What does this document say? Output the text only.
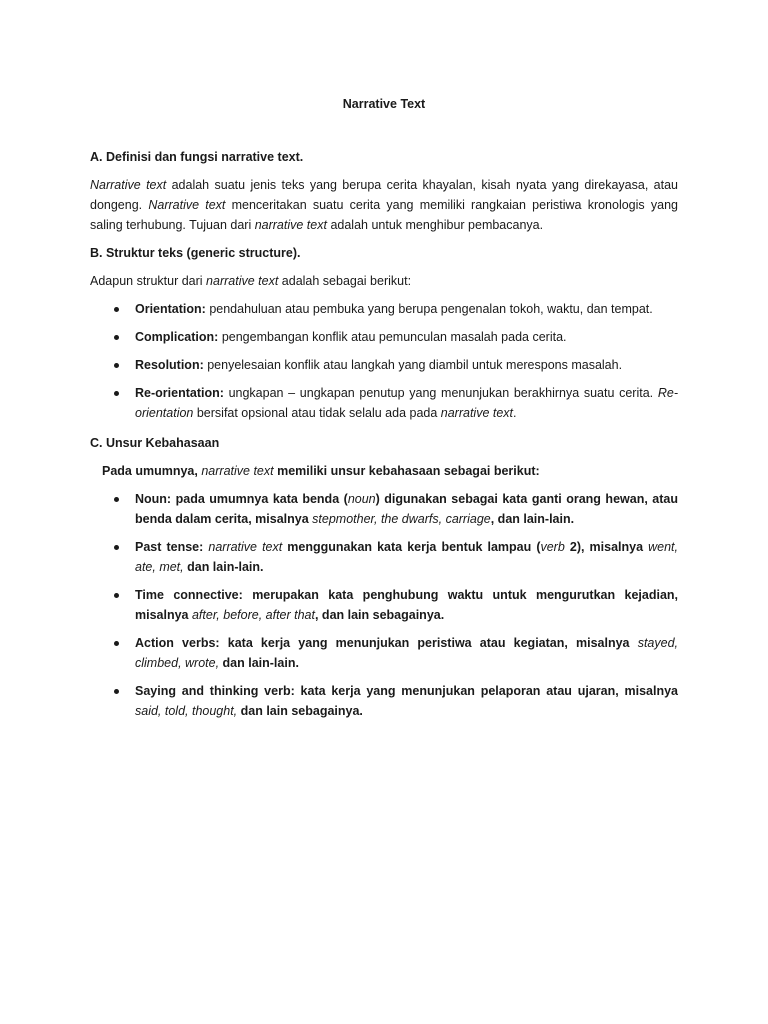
Narrative Text
A. Definisi dan fungsi narrative text.
Narrative text adalah suatu jenis teks yang berupa cerita khayalan, kisah nyata yang direkayasa, atau dongeng. Narrative text menceritakan suatu cerita yang memiliki rangkaian peristiwa kronologis yang saling terhubung. Tujuan dari narrative text adalah untuk menghibur pembacanya.
B. Struktur teks (generic structure).
Adapun struktur dari narrative text adalah sebagai berikut:
Orientation: pendahuluan atau pembuka yang berupa pengenalan tokoh, waktu, dan tempat.
Complication: pengembangan konflik atau pemunculan masalah pada cerita.
Resolution: penyelesaian konflik atau langkah yang diambil untuk merespons masalah.
Re-orientation: ungkapan – ungkapan penutup yang menunjukan berakhirnya suatu cerita. Re-orientation bersifat opsional atau tidak selalu ada pada narrative text.
C. Unsur Kebahasaan
Pada umumnya, narrative text memiliki unsur kebahasaan sebagai berikut:
Noun: pada umumnya kata benda (noun) digunakan sebagai kata ganti orang hewan, atau benda dalam cerita, misalnya stepmother, the dwarfs, carriage, dan lain-lain.
Past tense: narrative text menggunakan kata kerja bentuk lampau (verb 2), misalnya went, ate, met, dan lain-lain.
Time connective: merupakan kata penghubung waktu untuk mengurutkan kejadian, misalnya after, before, after that, dan lain sebagainya.
Action verbs: kata kerja yang menunjukan peristiwa atau kegiatan, misalnya stayed, climbed, wrote, dan lain-lain.
Saying and thinking verb: kata kerja yang menunjukan pelaporan atau ujaran, misalnya said, told, thought, dan lain sebagainya.
